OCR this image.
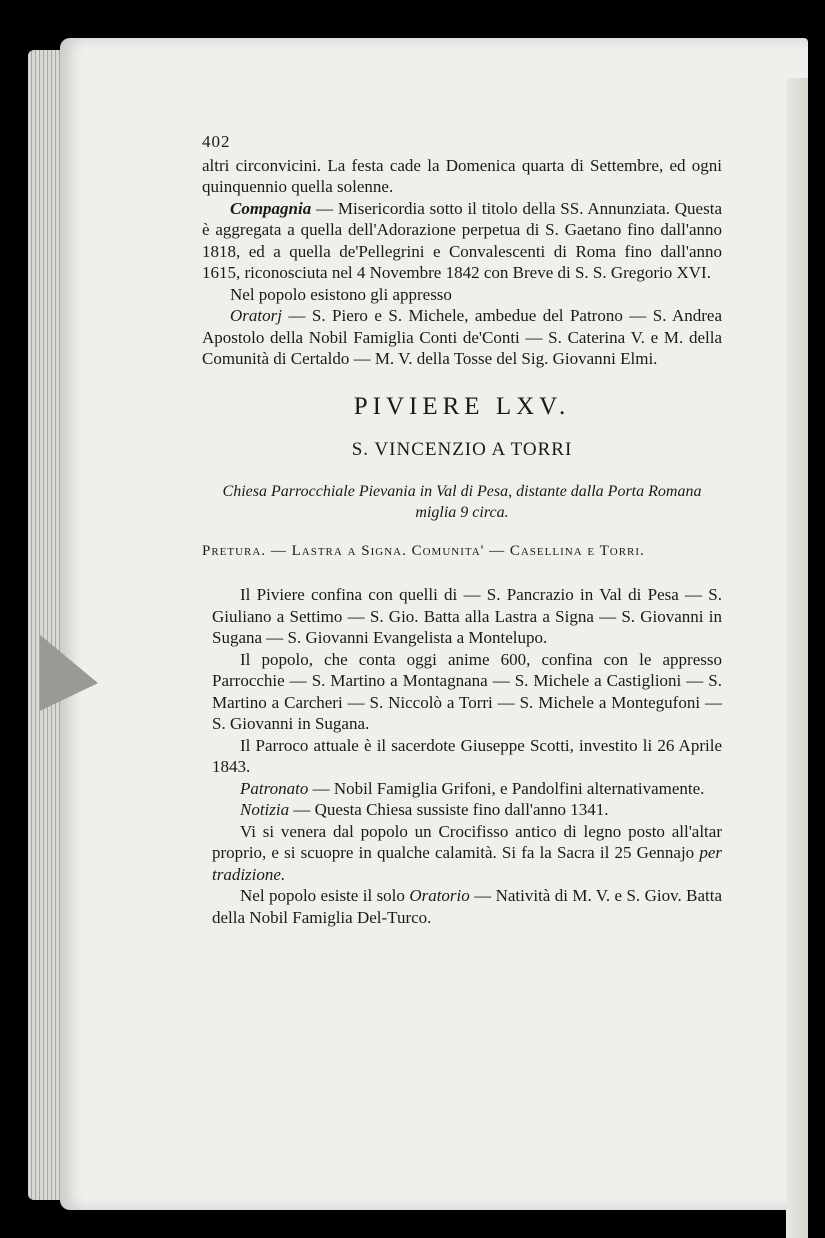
402

altri circonvicini. La festa cade la Domenica quarta di Settembre, ed ogni quinquennio quella solenne.

Compagnia — Misericordia sotto il titolo della SS. Annunziata. Questa è aggregata a quella dell'Adorazione perpetua di S. Gaetano fino dall'anno 1818, ed a quella de'Pellegrini e Convalescenti di Roma fino dall'anno 1615, riconosciuta nel 4 Novembre 1842 con Breve di S. S. Gregorio XVI.

Nel popolo esistono gli appresso

Oratorj — S. Piero e S. Michele, ambedue del Patrono — S. Andrea Apostolo della Nobil Famiglia Conti de'Conti — S. Caterina V. e M. della Comunità di Certaldo — M. V. della Tosse del Sig. Giovanni Elmi.

PIVIERE LXV.
S. VINCENZIO A TORRI
Chiesa Parrocchiale Pievania in Val di Pesa, distante dalla Porta Romana miglia 9 circa.
Pretura. — Lastra a Signa. Comunita' — Casellina e Torri.

Il Piviere confina con quelli di — S. Pancrazio in Val di Pesa — S. Giuliano a Settimo — S. Gio. Batta alla Lastra a Signa — S. Giovanni in Sugana — S. Giovanni Evangelista a Montelupo.

Il popolo, che conta oggi anime 600, confina con le appresso Parrocchie — S. Martino a Montagnana — S. Michele a Castiglioni — S. Martino a Carcheri — S. Niccolò a Torri — S. Michele a Montegufoni — S. Giovanni in Sugana.

Il Parroco attuale è il sacerdote Giuseppe Scotti, investito li 26 Aprile 1843.

Patronato — Nobil Famiglia Grifoni, e Pandolfini alternativamente.

Notizia — Questa Chiesa sussiste fino dall'anno 1341.

Vi si venera dal popolo un Crocifisso antico di legno posto all'altar proprio, e si scuopre in qualche calamità. Si fa la Sacra il 25 Gennajo per tradizione.

Nel popolo esiste il solo Oratorio — Natività di M. V. e S. Giov. Batta della Nobil Famiglia Del-Turco.
